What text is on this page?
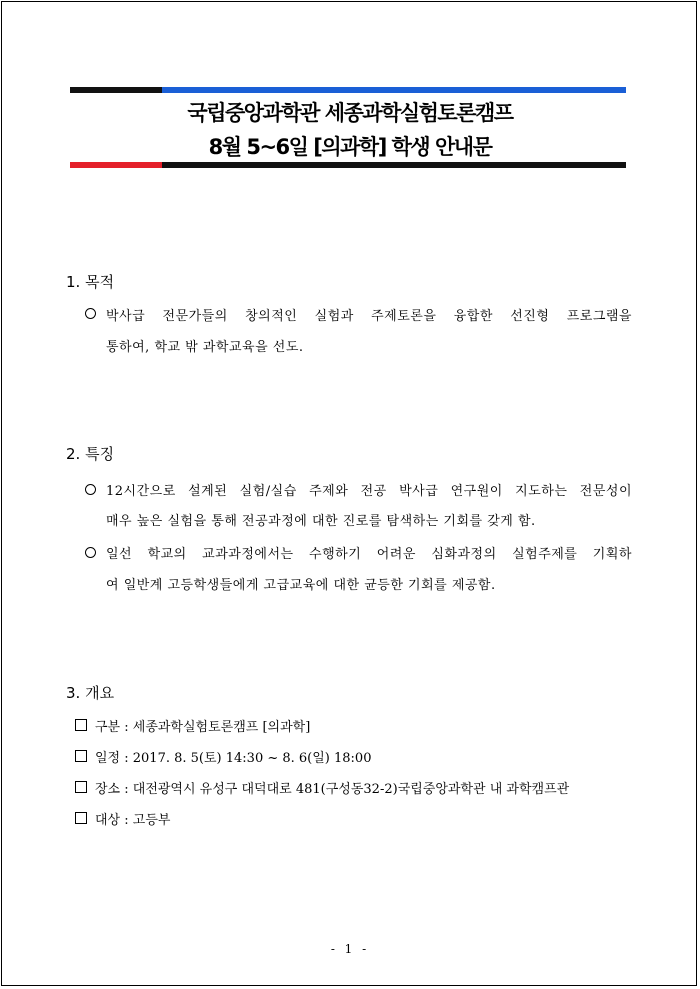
국립중앙과학관 세종과학실험토론캠프
8월 5~6일 [의과학] 학생 안내문
1. 목적
박사급 전문가들의 창의적인 실험과 주제토론을 융합한 선진형 프로그램을
통하여, 학교 밖 과학교육을 선도.
2. 특징
12시간으로 설계된 실험/실습 주제와 전공 박사급 연구원이 지도하는 전문성이
매우 높은 실험을 통해 전공과정에 대한 진로를 탐색하는 기회를 갖게 함.
일선 학교의 교과과정에서는 수행하기 어려운 심화과정의 실험주제를 기획하
여 일반계 고등학생들에게 고급교육에 대한 균등한 기회를 제공함.
3. 개요
구분 : 세종과학실험토론캠프 [의과학]
일정 : 2017. 8. 5(토) 14:30 ~ 8. 6(일) 18:00
장소 : 대전광역시 유성구 대덕대로 481(구성동32-2)국립중앙과학관 내 과학캠프관
대상 : 고등부
- 1 -
